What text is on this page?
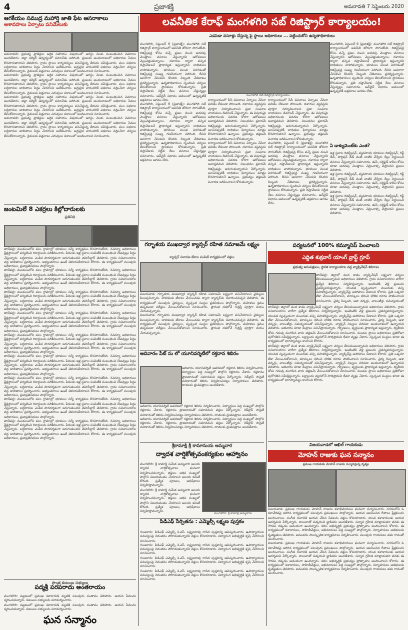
4	ప్రజాశక్తి	అమరావతి 7 సెప్టెంబరు 2020
ఆగకీయం సముద్ర మహార్షి జాతి ఫేట ఆసరాకాలు
ఆశావహలు ఏర్పాటు పనిమేలుకు

అమరావతి: ప్రభుత్వ ప్రాజెక్టుల ఆర్థిక సహాయం విషయంలో ఆగస్టు నెలకు సంబంధించిన వివరాలు అందజేశారు. జిల్లా కలెక్టర్ ఆధ్వర్యంలో సమావేశం జరిగింది. ప్రజలకు అందుబాటులో అధికారుల సేవలు కొనసాగుతాయని తెలిపారు. గ్రామ స్థాయి కార్యదర్శులు పనిచేస్తున్న తీరును సమీక్షించారు. పలు పథకాల లబ్ధిదారుల జాబితాలు సిద్ధం చేయాలని ఆదేశించారు. అర్హులైన వారందరికీ పథకాలు వర్తించేలా చర్యలు తీసుకోవాలన్నారు. రైతులకు విత్తనాలు ఎరువులు సకాలంలో అందించాలని సూచించారు.

అమరావతి: ప్రభుత్వ ప్రాజెక్టుల ఆర్థిక సహాయం విషయంలో ఆగస్టు నెలకు సంబంధించిన వివరాలు అందజేశారు. జిల్లా కలెక్టర్ ఆధ్వర్యంలో సమావేశం జరిగింది. ప్రజలకు అందుబాటులో అధికారుల సేవలు కొనసాగుతాయని తెలిపారు. గ్రామ స్థాయి కార్యదర్శులు పనిచేస్తున్న తీరును సమీక్షించారు. పలు పథకాల లబ్ధిదారుల జాబితాలు సిద్ధం చేయాలని ఆదేశించారు. అర్హులైన వారందరికీ పథకాలు వర్తించేలా చర్యలు తీసుకోవాలన్నారు. రైతులకు విత్తనాలు ఎరువులు సకాలంలో అందించాలని సూచించారు.

అమరావతి: ప్రభుత్వ ప్రాజెక్టుల ఆర్థిక సహాయం విషయంలో ఆగస్టు నెలకు సంబంధించిన వివరాలు అందజేశారు. జిల్లా కలెక్టర్ ఆధ్వర్యంలో సమావేశం జరిగింది. ప్రజలకు అందుబాటులో అధికారుల సేవలు కొనసాగుతాయని తెలిపారు. గ్రామ స్థాయి కార్యదర్శులు పనిచేస్తున్న తీరును సమీక్షించారు. పలు పథకాల లబ్ధిదారుల జాబితాలు సిద్ధం చేయాలని ఆదేశించారు. అర్హులైన వారందరికీ పథకాలు వర్తించేలా చర్యలు తీసుకోవాలన్నారు. రైతులకు విత్తనాలు ఎరువులు సకాలంలో అందించాలని సూచించారు.

అమరావతి: ప్రభుత్వ ప్రాజెక్టుల ఆర్థిక సహాయం విషయంలో ఆగస్టు నెలకు సంబంధించిన వివరాలు అందజేశారు. జిల్లా కలెక్టర్ ఆధ్వర్యంలో సమావేశం జరిగింది. ప్రజలకు అందుబాటులో అధికారుల సేవలు కొనసాగుతాయని తెలిపారు. గ్రామ స్థాయి కార్యదర్శులు పనిచేస్తున్న తీరును సమీక్షించారు. పలు పథకాల లబ్ధిదారుల జాబితాలు సిద్ధం చేయాలని ఆదేశించారు. అర్హులైన వారందరికీ పథకాలు వర్తించేలా చర్యలు తీసుకోవాలన్నారు. రైతులకు విత్తనాలు ఎరువులు సకాలంలో అందించాలని సూచించారు.

జంటమిలే 8 ఎకర్రలు కిల్లోదారులకు
ప్రతినిధి

తాడేపల్లి: మండలంలోని పలు గ్రామాల్లో భూముల సర్వే కార్యక్రమం కొనసాగుతోంది. రెవెన్యూ అధికారులు క్షేత్రస్థాయిలో పర్యటించి రికార్డులను పరిశీలించారు. పేదలకు ఇళ్ల స్థలాల పంపిణీకి సంబంధించి లేఅవుట్లు సిద్ధం చేస్తున్నారు. లబ్ధిదారుల ఎంపిక పారదర్శకంగా జరుగుతుందని తహసీల్దార్ తెలిపారు. గ్రామ సచివాలయాల వద్ద జాబితాలు ప్రదర్శించారు. అభ్యంతరాలు ఉంటే తెలియజేయాలని కోరారు. ఈ కార్యక్రమంలో పలువురు అధికారులు, ప్రజాప్రతినిధులు పాల్గొన్నారు.

తాడేపల్లి: మండలంలోని పలు గ్రామాల్లో భూముల సర్వే కార్యక్రమం కొనసాగుతోంది. రెవెన్యూ అధికారులు క్షేత్రస్థాయిలో పర్యటించి రికార్డులను పరిశీలించారు. పేదలకు ఇళ్ల స్థలాల పంపిణీకి సంబంధించి లేఅవుట్లు సిద్ధం చేస్తున్నారు. లబ్ధిదారుల ఎంపిక పారదర్శకంగా జరుగుతుందని తహసీల్దార్ తెలిపారు. గ్రామ సచివాలయాల వద్ద జాబితాలు ప్రదర్శించారు. అభ్యంతరాలు ఉంటే తెలియజేయాలని కోరారు. ఈ కార్యక్రమంలో పలువురు అధికారులు, ప్రజాప్రతినిధులు పాల్గొన్నారు.

తాడేపల్లి: మండలంలోని పలు గ్రామాల్లో భూముల సర్వే కార్యక్రమం కొనసాగుతోంది. రెవెన్యూ అధికారులు క్షేత్రస్థాయిలో పర్యటించి రికార్డులను పరిశీలించారు. పేదలకు ఇళ్ల స్థలాల పంపిణీకి సంబంధించి లేఅవుట్లు సిద్ధం చేస్తున్నారు. లబ్ధిదారుల ఎంపిక పారదర్శకంగా జరుగుతుందని తహసీల్దార్ తెలిపారు. గ్రామ సచివాలయాల వద్ద జాబితాలు ప్రదర్శించారు. అభ్యంతరాలు ఉంటే తెలియజేయాలని కోరారు. ఈ కార్యక్రమంలో పలువురు అధికారులు, ప్రజాప్రతినిధులు పాల్గొన్నారు.

తాడేపల్లి: మండలంలోని పలు గ్రామాల్లో భూముల సర్వే కార్యక్రమం కొనసాగుతోంది. రెవెన్యూ అధికారులు క్షేత్రస్థాయిలో పర్యటించి రికార్డులను పరిశీలించారు. పేదలకు ఇళ్ల స్థలాల పంపిణీకి సంబంధించి లేఅవుట్లు సిద్ధం చేస్తున్నారు. లబ్ధిదారుల ఎంపిక పారదర్శకంగా జరుగుతుందని తహసీల్దార్ తెలిపారు. గ్రామ సచివాలయాల వద్ద జాబితాలు ప్రదర్శించారు. అభ్యంతరాలు ఉంటే తెలియజేయాలని కోరారు. ఈ కార్యక్రమంలో పలువురు అధికారులు, ప్రజాప్రతినిధులు పాల్గొన్నారు.

తాడేపల్లి: మండలంలోని పలు గ్రామాల్లో భూముల సర్వే కార్యక్రమం కొనసాగుతోంది. రెవెన్యూ అధికారులు క్షేత్రస్థాయిలో పర్యటించి రికార్డులను పరిశీలించారు. పేదలకు ఇళ్ల స్థలాల పంపిణీకి సంబంధించి లేఅవుట్లు సిద్ధం చేస్తున్నారు. లబ్ధిదారుల ఎంపిక పారదర్శకంగా జరుగుతుందని తహసీల్దార్ తెలిపారు. గ్రామ సచివాలయాల వద్ద జాబితాలు ప్రదర్శించారు. అభ్యంతరాలు ఉంటే తెలియజేయాలని కోరారు. ఈ కార్యక్రమంలో పలువురు అధికారులు, ప్రజాప్రతినిధులు పాల్గొన్నారు.

తాడేపల్లి: మండలంలోని పలు గ్రామాల్లో భూముల సర్వే కార్యక్రమం కొనసాగుతోంది. రెవెన్యూ అధికారులు క్షేత్రస్థాయిలో పర్యటించి రికార్డులను పరిశీలించారు. పేదలకు ఇళ్ల స్థలాల పంపిణీకి సంబంధించి లేఅవుట్లు సిద్ధం చేస్తున్నారు. లబ్ధిదారుల ఎంపిక పారదర్శకంగా జరుగుతుందని తహసీల్దార్ తెలిపారు. గ్రామ సచివాలయాల వద్ద జాబితాలు ప్రదర్శించారు. అభ్యంతరాలు ఉంటే తెలియజేయాలని కోరారు. ఈ కార్యక్రమంలో పలువురు అధికారులు, ప్రజాప్రతినిధులు పాల్గొన్నారు.

తాడేపల్లి: మండలంలోని పలు గ్రామాల్లో భూముల సర్వే కార్యక్రమం కొనసాగుతోంది. రెవెన్యూ అధికారులు క్షేత్రస్థాయిలో పర్యటించి రికార్డులను పరిశీలించారు. పేదలకు ఇళ్ల స్థలాల పంపిణీకి సంబంధించి లేఅవుట్లు సిద్ధం చేస్తున్నారు. లబ్ధిదారుల ఎంపిక పారదర్శకంగా జరుగుతుందని తహసీల్దార్ తెలిపారు. గ్రామ సచివాలయాల వద్ద జాబితాలు ప్రదర్శించారు. అభ్యంతరాలు ఉంటే తెలియజేయాలని కోరారు. ఈ కార్యక్రమంలో పలువురు అధికారులు, ప్రజాప్రతినిధులు పాల్గొన్నారు.

తాడేపల్లి: మండలంలోని పలు గ్రామాల్లో భూముల సర్వే కార్యక్రమం కొనసాగుతోంది. రెవెన్యూ అధికారులు క్షేత్రస్థాయిలో పర్యటించి రికార్డులను పరిశీలించారు. పేదలకు ఇళ్ల స్థలాల పంపిణీకి సంబంధించి లేఅవుట్లు సిద్ధం చేస్తున్నారు. లబ్ధిదారుల ఎంపిక పారదర్శకంగా జరుగుతుందని తహసీల్దార్ తెలిపారు. గ్రామ సచివాలయాల వద్ద జాబితాలు ప్రదర్శించారు. అభ్యంతరాలు ఉంటే తెలియజేయాలని కోరారు. ఈ కార్యక్రమంలో పలువురు అధికారులు, ప్రజాప్రతినిధులు పాల్గొన్నారు.

తాడేపల్లి: మండలంలోని పలు గ్రామాల్లో భూముల సర్వే కార్యక్రమం కొనసాగుతోంది. రెవెన్యూ అధికారులు క్షేత్రస్థాయిలో పర్యటించి రికార్డులను పరిశీలించారు. పేదలకు ఇళ్ల స్థలాల పంపిణీకి సంబంధించి లేఅవుట్లు సిద్ధం చేస్తున్నారు. లబ్ధిదారుల ఎంపిక పారదర్శకంగా జరుగుతుందని తహసీల్దార్ తెలిపారు. గ్రామ సచివాలయాల వద్ద జాబితాలు ప్రదర్శించారు. అభ్యంతరాలు ఉంటే తెలియజేయాలని కోరారు. ఈ కార్యక్రమంలో పలువురు అధికారులు, ప్రజాప్రతినిధులు పాల్గొన్నారు.

సొంత కుటుంబ సభ్యులు
పద్మశ్రీ పరపరాదు అంతరాయం

మంగళగిరి: పట్టణంలో ప్రముఖ కళాకారుడి మృతికి పలువురు సంతాపం తెలిపారు. ఆయన సేవలను స్మరించుకున్నారు. కుటుంబ సభ్యులను పరామర్శించారు.

మంగళగిరి: పట్టణంలో ప్రముఖ కళాకారుడి మృతికి పలువురు సంతాపం తెలిపారు. ఆయన సేవలను స్మరించుకున్నారు. కుటుంబ సభ్యులను పరామర్శించారు.

ఘన సన్మానం
లవనీతిక కేరాఫ్ మంగళగిరి సబ్ రిజిస్ట్రార్ కార్యాలయం!
ఎడపెడా వసూళ్లు చేస్తున్న పై స్థాయి అధికారులు ... పట్టించుకోని ఉన్నతాధికారులు

మంగళగిరి, సెప్టెంబర్ 6 (ప్రజాశక్తి): మంగళగిరి సబ్ రిజిస్ట్రార్ కార్యాలయంలో అవినీతి జోరుగా సాగుతోంది. రిజిస్ట్రేషన్ల కోసం వచ్చే ప్రజల నుంచి అదనపు మొత్తాలు వసూలు చేస్తున్నారని ఆరోపణలు వెల్లువెత్తుతున్నాయి. దళారుల ద్వారా వచ్చిన దస్తావేజులకే ప్రాధాన్యత ఇస్తున్నారని బాధితులు వాపోతున్నారు. భూముల విలువ పెరగడంతో రిజిస్ట్రేషన్ల సంఖ్య గణనీయంగా పెరిగింది. దీనిని ఆసరాగా చేసుకుని కొందరు సిబ్బంది చేతివాటం ప్రదర్శిస్తున్నారు. ఉన్నతాధికారులు స్పందించి చర్యలు తీసుకోవాలని స్థానికులు కోరుతున్నారు. ప్రతి దస్తావేజుకు నిర్ణీత రేటు వసూలు చేస్తున్నట్లు సమాచారం. ఆన్‌లైన్ విధానం అమలులో ఉన్నప్పటికీ అక్రమాలు ఆగడం లేదు.

మంగళగిరి, సెప్టెంబర్ 6 (ప్రజాశక్తి): మంగళగిరి సబ్ రిజిస్ట్రార్ కార్యాలయంలో అవినీతి జోరుగా సాగుతోంది. రిజిస్ట్రేషన్ల కోసం వచ్చే ప్రజల నుంచి అదనపు మొత్తాలు వసూలు చేస్తున్నారని ఆరోపణలు వెల్లువెత్తుతున్నాయి. దళారుల ద్వారా వచ్చిన దస్తావేజులకే ప్రాధాన్యత ఇస్తున్నారని బాధితులు వాపోతున్నారు. భూముల విలువ పెరగడంతో రిజిస్ట్రేషన్ల సంఖ్య గణనీయంగా పెరిగింది. దీనిని ఆసరాగా చేసుకుని కొందరు సిబ్బంది చేతివాటం ప్రదర్శిస్తున్నారు. ఉన్నతాధికారులు స్పందించి చర్యలు తీసుకోవాలని స్థానికులు కోరుతున్నారు. ప్రతి దస్తావేజుకు నిర్ణీత రేటు వసూలు చేస్తున్నట్లు సమాచారం. ఆన్‌లైన్ విధానం అమలులో ఉన్నప్పటికీ అక్రమాలు ఆగడం లేదు.

మంగళగిరి సబ్ రిజిస్ట్రార్ కార్యాలయం

కార్యాలయంలో సీసీ కెమెరాలు ఏర్పాటు చేసినా ఫలితం లేకుండా పోయింది. దళారుల వ్యవస్థను పూర్తిగా నిర్మూలించాలని ప్రజా సంఘాల నాయకులు డిమాండ్ చేస్తున్నారు. ఈ విషయమై అధికారులను వివరణ కోరగా ఆరోపణలు అవాస్తవమని తెలిపారు. నిబంధనల ప్రకారమే రిజిస్ట్రేషన్లు జరుగుతున్నాయని పేర్కొన్నారు. అయినప్పటికీ బాధితుల ఫిర్యాదులు మాత్రం కొనసాగుతూనే ఉన్నాయి. ప్రభుత్వం తక్షణమే విచారణ జరిపించాలని కోరుతున్నారు.

కార్యాలయంలో సీసీ కెమెరాలు ఏర్పాటు చేసినా ఫలితం లేకుండా పోయింది. దళారుల వ్యవస్థను పూర్తిగా నిర్మూలించాలని ప్రజా సంఘాల నాయకులు డిమాండ్ చేస్తున్నారు. ఈ విషయమై అధికారులను వివరణ కోరగా ఆరోపణలు అవాస్తవమని తెలిపారు. నిబంధనల ప్రకారమే రిజిస్ట్రేషన్లు జరుగుతున్నాయని పేర్కొన్నారు. అయినప్పటికీ బాధితుల ఫిర్యాదులు మాత్రం కొనసాగుతూనే ఉన్నాయి. ప్రభుత్వం తక్షణమే విచారణ జరిపించాలని కోరుతున్నారు.

కార్యాలయంలో సీసీ కెమెరాలు ఏర్పాటు చేసినా ఫలితం లేకుండా పోయింది. దళారుల వ్యవస్థను పూర్తిగా నిర్మూలించాలని ప్రజా సంఘాల నాయకులు డిమాండ్ చేస్తున్నారు. ఈ విషయమై అధికారులను వివరణ కోరగా ఆరోపణలు అవాస్తవమని తెలిపారు. నిబంధనల ప్రకారమే రిజిస్ట్రేషన్లు జరుగుతున్నాయని పేర్కొన్నారు. అయినప్పటికీ బాధితుల ఫిర్యాదులు మాత్రం కొనసాగుతూనే ఉన్నాయి. ప్రభుత్వం తక్షణమే విచారణ జరిపించాలని కోరుతున్నారు.

మంగళగిరి, సెప్టెంబర్ 6 (ప్రజాశక్తి): మంగళగిరి సబ్ రిజిస్ట్రార్ కార్యాలయంలో అవినీతి జోరుగా సాగుతోంది. రిజిస్ట్రేషన్ల కోసం వచ్చే ప్రజల నుంచి అదనపు మొత్తాలు వసూలు చేస్తున్నారని ఆరోపణలు వెల్లువెత్తుతున్నాయి. దళారుల ద్వారా వచ్చిన దస్తావేజులకే ప్రాధాన్యత ఇస్తున్నారని బాధితులు వాపోతున్నారు. భూముల విలువ పెరగడంతో రిజిస్ట్రేషన్ల సంఖ్య గణనీయంగా పెరిగింది. దీనిని ఆసరాగా చేసుకుని కొందరు సిబ్బంది చేతివాటం ప్రదర్శిస్తున్నారు. ఉన్నతాధికారులు స్పందించి చర్యలు తీసుకోవాలని స్థానికులు కోరుతున్నారు. ప్రతి దస్తావేజుకు నిర్ణీత రేటు వసూలు చేస్తున్నట్లు సమాచారం. ఆన్‌లైన్ విధానం అమలులో ఉన్నప్పటికీ అక్రమాలు ఆగడం లేదు.

మంగళగిరి, సెప్టెంబర్ 6 (ప్రజాశక్తి): మంగళగిరి సబ్ రిజిస్ట్రార్ కార్యాలయంలో అవినీతి జోరుగా సాగుతోంది. రిజిస్ట్రేషన్ల కోసం వచ్చే ప్రజల నుంచి అదనపు మొత్తాలు వసూలు చేస్తున్నారని ఆరోపణలు వెల్లువెత్తుతున్నాయి. దళారుల ద్వారా వచ్చిన దస్తావేజులకే ప్రాధాన్యత ఇస్తున్నారని బాధితులు వాపోతున్నారు. భూముల విలువ పెరగడంతో రిజిస్ట్రేషన్ల సంఖ్య గణనీయంగా పెరిగింది. దీనిని ఆసరాగా చేసుకుని కొందరు సిబ్బంది చేతివాటం ప్రదర్శిస్తున్నారు. ఉన్నతాధికారులు స్పందించి చర్యలు తీసుకోవాలని స్థానికులు కోరుతున్నారు. ప్రతి దస్తావేజుకు నిర్ణీత రేటు వసూలు చేస్తున్నట్లు సమాచారం. ఆన్‌లైన్ విధానం అమలులో ఉన్నప్పటికీ అక్రమాలు ఆగడం లేదు.

ఏ డాక్యుమెంట్‌కు ఎంత?

ఇళ్ల స్థలాల రిజిస్ట్రేషన్, వ్యవసాయ భూముల రిజిస్ట్రేషన్, గిఫ్ట్ డీడ్, పార్టిషన్ డీడ్ వంటి వాటికి వేర్వేరు రేట్లు నిర్ణయించి వసూలు చేస్తున్నారని సమాచారం. ఈసీ, సర్టిఫైడ్ కాపీల కోసం కూడా అదనపు మొత్తాలు చెల్లించాల్సి వస్తోందని ప్రజలు తెలిపారు.

ఇళ్ల స్థలాల రిజిస్ట్రేషన్, వ్యవసాయ భూముల రిజిస్ట్రేషన్, గిఫ్ట్ డీడ్, పార్టిషన్ డీడ్ వంటి వాటికి వేర్వేరు రేట్లు నిర్ణయించి వసూలు చేస్తున్నారని సమాచారం. ఈసీ, సర్టిఫైడ్ కాపీల కోసం కూడా అదనపు మొత్తాలు చెల్లించాల్సి వస్తోందని ప్రజలు తెలిపారు.

ఇళ్ల స్థలాల రిజిస్ట్రేషన్, వ్యవసాయ భూముల రిజిస్ట్రేషన్, గిఫ్ట్ డీడ్, పార్టిషన్ డీడ్ వంటి వాటికి వేర్వేరు రేట్లు నిర్ణయించి వసూలు చేస్తున్నారని సమాచారం. ఈసీ, సర్టిఫైడ్ కాపీల కోసం కూడా అదనపు మొత్తాలు చెల్లించాల్సి వస్తోందని ప్రజలు తెలిపారు.

గర్భాశయ ముఖద్వార క్యాన్సర్ రహిత సమాజమే లక్ష్యం
క్యాన్సర్ నివారణ టీకాల పంపిణీ కార్యక్రమంలో వక్తలు

విజయవాడ: గర్భాశయ ముఖద్వార క్యాన్సర్ రహిత సమాజమే లక్ష్యంగా పనిచేయాలని వైద్యులు పిలుపునిచ్చారు. బాలికలకు టీకాలు వేయించడం ద్వారా క్యాన్సర్‌ను నివారించవచ్చని తెలిపారు. ఈ కార్యక్రమంలో పలువురు వైద్యులు, స్వచ్ఛంద సంస్థల ప్రతినిధులు పాల్గొన్నారు. మహిళలు క్రమం తప్పకుండా పరీక్షలు చేయించుకోవాలని సూచించారు. ప్రారంభ దశలోనే గుర్తిస్తే పూర్తిగా నయం చేయవచ్చన్నారు.

విజయవాడ: గర్భాశయ ముఖద్వార క్యాన్సర్ రహిత సమాజమే లక్ష్యంగా పనిచేయాలని వైద్యులు పిలుపునిచ్చారు. బాలికలకు టీకాలు వేయించడం ద్వారా క్యాన్సర్‌ను నివారించవచ్చని తెలిపారు. ఈ కార్యక్రమంలో పలువురు వైద్యులు, స్వచ్ఛంద సంస్థల ప్రతినిధులు పాల్గొన్నారు. మహిళలు క్రమం తప్పకుండా పరీక్షలు చేయించుకోవాలని సూచించారు. ప్రారంభ దశలోనే గుర్తిస్తే పూర్తిగా నయం చేయవచ్చన్నారు.

ఆదివారం పేట్ సు లో యూనివర్శిటీలో రక్తదాన శిబిరం

ఆదివారం యూనివర్శిటీ ఆవరణలో రక్తదాన శిబిరం నిర్వహించారు. విద్యార్థులు పెద్ద సంఖ్యలో పాల్గొని రక్తదానం చేశారు. రక్తదానం ప్రాణదానంతో సమానమని వక్తలు పేర్కొన్నారు. రెడ్‌క్రాస్ సొసైటీ సహకారంతో శిబిరం నిర్వహించినట్లు నిర్వాహకులు తెలిపారు. దాతలకు ధ్రువపత్రాలు అందజేశారు.

ఆదివారం యూనివర్శిటీ ఆవరణలో రక్తదాన శిబిరం నిర్వహించారు. విద్యార్థులు పెద్ద సంఖ్యలో పాల్గొని రక్తదానం చేశారు. రక్తదానం ప్రాణదానంతో సమానమని వక్తలు పేర్కొన్నారు. రెడ్‌క్రాస్ సొసైటీ సహకారంతో శిబిరం నిర్వహించినట్లు నిర్వాహకులు తెలిపారు. దాతలకు ధ్రువపత్రాలు అందజేశారు.

ఆదివారం యూనివర్శిటీ ఆవరణలో రక్తదాన శిబిరం నిర్వహించారు. విద్యార్థులు పెద్ద సంఖ్యలో పాల్గొని రక్తదానం చేశారు. రక్తదానం ప్రాణదానంతో సమానమని వక్తలు పేర్కొన్నారు. రెడ్‌క్రాస్ సొసైటీ సహకారంతో శిబిరం నిర్వహించినట్లు నిర్వాహకులు తెలిపారు. దాతలకు ధ్రువపత్రాలు అందజేశారు.

శ్రీకామాక్షి శ్రీ కామానుయ అమ్మవార
ద్వాదశ వార్షికోత్సవంకర్యకుల ఆహ్వానం

మంగళగిరి: శ్రీ కామాక్షి సమేత అమ్మవారి ఆలయ ద్వాదశ వార్షికోత్సవాలు ఘనంగా నిర్వహించనున్నారు. భక్తులు అధిక సంఖ్యలో పాల్గొని విజయవంతం చేయాలని ఆలయ కమిటీ కోరింది. ప్రత్యేక పూజలు, అభిషేకాలు నిర్వహిస్తామన్నారు.

మంగళగిరి: శ్రీ కామాక్షి సమేత అమ్మవారి ఆలయ ద్వాదశ వార్షికోత్సవాలు ఘనంగా నిర్వహించనున్నారు. భక్తులు అధిక సంఖ్యలో పాల్గొని విజయవంతం చేయాలని ఆలయ కమిటీ కోరింది. ప్రత్యేక పూజలు, అభిషేకాలు నిర్వహిస్తామన్నారు.	మంగళగిరి: శ్రీ కామాక్షి అమ్మవారు
పిడిఎఫ్ సేర్పితను : ఎమ్మెల్సీ లక్ష్మణ పుస్తకం

గుంటూరు: పిడిఎఫ్ ఎమ్మెల్సీ కె.ఎస్. లక్ష్మణరావు రాసిన పుస్తకాన్ని ఆవిష్కరించారు. ఉపాధ్యాయుల సమస్యలపై నిరంతరం పోరాడుతున్నారని వక్తలు కొనియాడారు. విద్యారంగ అభివృద్ధికి కృషి చేయాలని సూచించారు.

గుంటూరు: పిడిఎఫ్ ఎమ్మెల్సీ కె.ఎస్. లక్ష్మణరావు రాసిన పుస్తకాన్ని ఆవిష్కరించారు. ఉపాధ్యాయుల సమస్యలపై నిరంతరం పోరాడుతున్నారని వక్తలు కొనియాడారు. విద్యారంగ అభివృద్ధికి కృషి చేయాలని సూచించారు.

గుంటూరు: పిడిఎఫ్ ఎమ్మెల్సీ కె.ఎస్. లక్ష్మణరావు రాసిన పుస్తకాన్ని ఆవిష్కరించారు. ఉపాధ్యాయుల సమస్యలపై నిరంతరం పోరాడుతున్నారని వక్తలు కొనియాడారు. విద్యారంగ అభివృద్ధికి కృషి చేయాలని సూచించారు.

గుంటూరు: పిడిఎఫ్ ఎమ్మెల్సీ కె.ఎస్. లక్ష్మణరావు రాసిన పుస్తకాన్ని ఆవిష్కరించారు. ఉపాధ్యాయుల సమస్యలపై నిరంతరం పోరాడుతున్నారని వక్తలు కొనియాడారు. విద్యారంగ అభివృద్ధికి కృషి చేయాలని సూచించారు.

పర్యటనలో 100% కమ్మూనిప్ పెంచాలని
ఎద్దిత శుక్రవార్ యాంగ్ వ్రాఫ్ట్ గ్రూప్
ప్రభుత్వ ఆసుపత్రులు, స్థానిక కార్యాలయాల వద్ద వ్యాక్సినేషన్ శిబిరాలు

తాడేపల్లి: జిల్లాలో వంద శాతం వ్యాక్సినేషన్ లక్ష్యంగా చర్యలు తీసుకుంటున్నామని అధికారులు తెలిపారు. గ్రామ సచివాలయాల వారీగా ప్రత్యేక శిబిరాలు నిర్వహిస్తున్నారు. ఇంటింటికి వెళ్లి ప్రజలను చైతన్యపరుస్తున్నారు. యువత స్వచ్ఛందంగా ముందుకు వచ్చి సహకరిస్తున్నారు. వ్యాక్సిన్‌పై అపోహలు వీడాలని కోరారు. ప్రతి ఒక్కరూ టీకా వేయించుకోవాలని, మాస్కులు ధరించి భౌతిక దూరం పాటించాలని సూచించారు. వైద్య సిబ్బంది, ఆశా వర్కర్లు, వాలంటీర్లు సమన్వయంతో

తాడేపల్లి: జిల్లాలో వంద శాతం వ్యాక్సినేషన్ లక్ష్యంగా చర్యలు తీసుకుంటున్నామని అధికారులు తెలిపారు. గ్రామ సచివాలయాల వారీగా ప్రత్యేక శిబిరాలు నిర్వహిస్తున్నారు. ఇంటింటికి వెళ్లి ప్రజలను చైతన్యపరుస్తున్నారు. యువత స్వచ్ఛందంగా ముందుకు వచ్చి సహకరిస్తున్నారు. వ్యాక్సిన్‌పై అపోహలు వీడాలని కోరారు. ప్రతి ఒక్కరూ టీకా వేయించుకోవాలని, మాస్కులు ధరించి భౌతిక దూరం పాటించాలని సూచించారు. వైద్య సిబ్బంది, ఆశా వర్కర్లు, వాలంటీర్లు సమన్వయంతో పనిచేస్తున్నారు. వ్యాక్సిన్ నిల్వలు సరిపడా అందుబాటులో ఉన్నాయని తెలిపారు. ఆదివారం కూడా కేంద్రాలు పనిచేస్తాయన్నారు. గర్భిణులు, వృద్ధులకు ప్రాధాన్యత ఇస్తున్నారు. ద్వితీయ డోసు గడువు ముగిసిన వారు తక్షణమే వేయించుకోవాలని సూచించారు. మండల స్థాయి అధికారులు ప్రతిరోజూ పురోగతిని సమీక్షిస్తున్నారు. లక్ష్యాలను త్వరలోనే సాధిస్తామని ధీమా వ్యక్తం చేశారు. స్వచ్ఛంద సంస్థలు కూడా ఈ కార్యక్రమంలో భాగస్వామ్యం కావాలని కోరారు.

తాడేపల్లి: జిల్లాలో వంద శాతం వ్యాక్సినేషన్ లక్ష్యంగా చర్యలు తీసుకుంటున్నామని అధికారులు తెలిపారు. గ్రామ సచివాలయాల వారీగా ప్రత్యేక శిబిరాలు నిర్వహిస్తున్నారు. ఇంటింటికి వెళ్లి ప్రజలను చైతన్యపరుస్తున్నారు. యువత స్వచ్ఛందంగా ముందుకు వచ్చి సహకరిస్తున్నారు. వ్యాక్సిన్‌పై అపోహలు వీడాలని కోరారు. ప్రతి ఒక్కరూ టీకా వేయించుకోవాలని, మాస్కులు ధరించి భౌతిక దూరం పాటించాలని సూచించారు. వైద్య సిబ్బంది, ఆశా వర్కర్లు, వాలంటీర్లు సమన్వయంతో పనిచేస్తున్నారు. వ్యాక్సిన్ నిల్వలు సరిపడా అందుబాటులో ఉన్నాయని తెలిపారు. ఆదివారం కూడా కేంద్రాలు పనిచేస్తాయన్నారు. గర్భిణులు, వృద్ధులకు ప్రాధాన్యత ఇస్తున్నారు. ద్వితీయ డోసు గడువు ముగిసిన వారు తక్షణమే వేయించుకోవాలని సూచించారు. మండల స్థాయి అధికారులు ప్రతిరోజూ పురోగతిని సమీక్షిస్తున్నారు. లక్ష్యాలను త్వరలోనే సాధిస్తామని ధీమా వ్యక్తం చేశారు. స్వచ్ఛంద సంస్థలు కూడా ఈ కార్యక్రమంలో భాగస్వామ్యం కావాలని కోరారు.

విజయవాడలో అఖిల్ గాయకుడు
మోహన్ రాజుకు ఘన సన్మానం
ప్రముఖ గాయకుడు మోహన్ రాజును సన్మానిస్తున్న దృశ్యం

విజయవాడ: ప్రముఖ గాయకుడు మోహన్ రాజును కళాభిమానులు ఘనంగా సన్మానించారు. నగరంలోని ఓ కళావేదికపై జరిగిన కార్యక్రమంలో పలువురు ప్రముఖులు పాల్గొన్నారు. ఆయన ఆలపించిన గీతాలు ప్రేక్షకులను అలరించాయి. సంగీత రంగానికి ఆయన చేసిన సేవలను వక్తలు కొనియాడారు. యువ కళాకారులకు ఆయన ఆదర్శమని పేర్కొన్నారు. శాలువాతో సత్కరించి జ్ఞాపికను అందజేశారు. సన్మాన గ్రహీత మాట్లాడుతూ తనకు ఈ గౌరవం దక్కడం ఆనందంగా ఉందన్నారు. కళల అభివృద్ధికి ప్రభుత్వం ప్రోత్సాహం అందించాలని కోరారు. ఈ కార్యక్రమంలో కళాకారులు, సాహితీవేత్తలు, అభిమానులు పెద్ద సంఖ్యలో పాల్గొన్నారు. నిర్వాహకులు అతిథులకు కృతజ్ఞతలు తెలిపారు. అనంతరం సాంస్కృతిక కార్యక్రమాలు నిర్వహించారు. పలువురు గాయకులు తమ గానంతో అలరించారు.

విజయవాడ: ప్రముఖ గాయకుడు మోహన్ రాజును కళాభిమానులు ఘనంగా సన్మానించారు. నగరంలోని ఓ కళావేదికపై జరిగిన కార్యక్రమంలో పలువురు ప్రముఖులు పాల్గొన్నారు. ఆయన ఆలపించిన గీతాలు ప్రేక్షకులను అలరించాయి. సంగీత రంగానికి ఆయన చేసిన సేవలను వక్తలు కొనియాడారు. యువ కళాకారులకు ఆయన ఆదర్శమని పేర్కొన్నారు. శాలువాతో సత్కరించి జ్ఞాపికను అందజేశారు. సన్మాన గ్రహీత మాట్లాడుతూ తనకు ఈ గౌరవం దక్కడం ఆనందంగా ఉందన్నారు. కళల అభివృద్ధికి ప్రభుత్వం ప్రోత్సాహం అందించాలని కోరారు. ఈ కార్యక్రమంలో కళాకారులు, సాహితీవేత్తలు, అభిమానులు పెద్ద సంఖ్యలో పాల్గొన్నారు. నిర్వాహకులు అతిథులకు కృతజ్ఞతలు తెలిపారు. అనంతరం సాంస్కృతిక కార్యక్రమాలు నిర్వహించారు. పలువురు గాయకులు తమ గానంతో అలరించారు.
